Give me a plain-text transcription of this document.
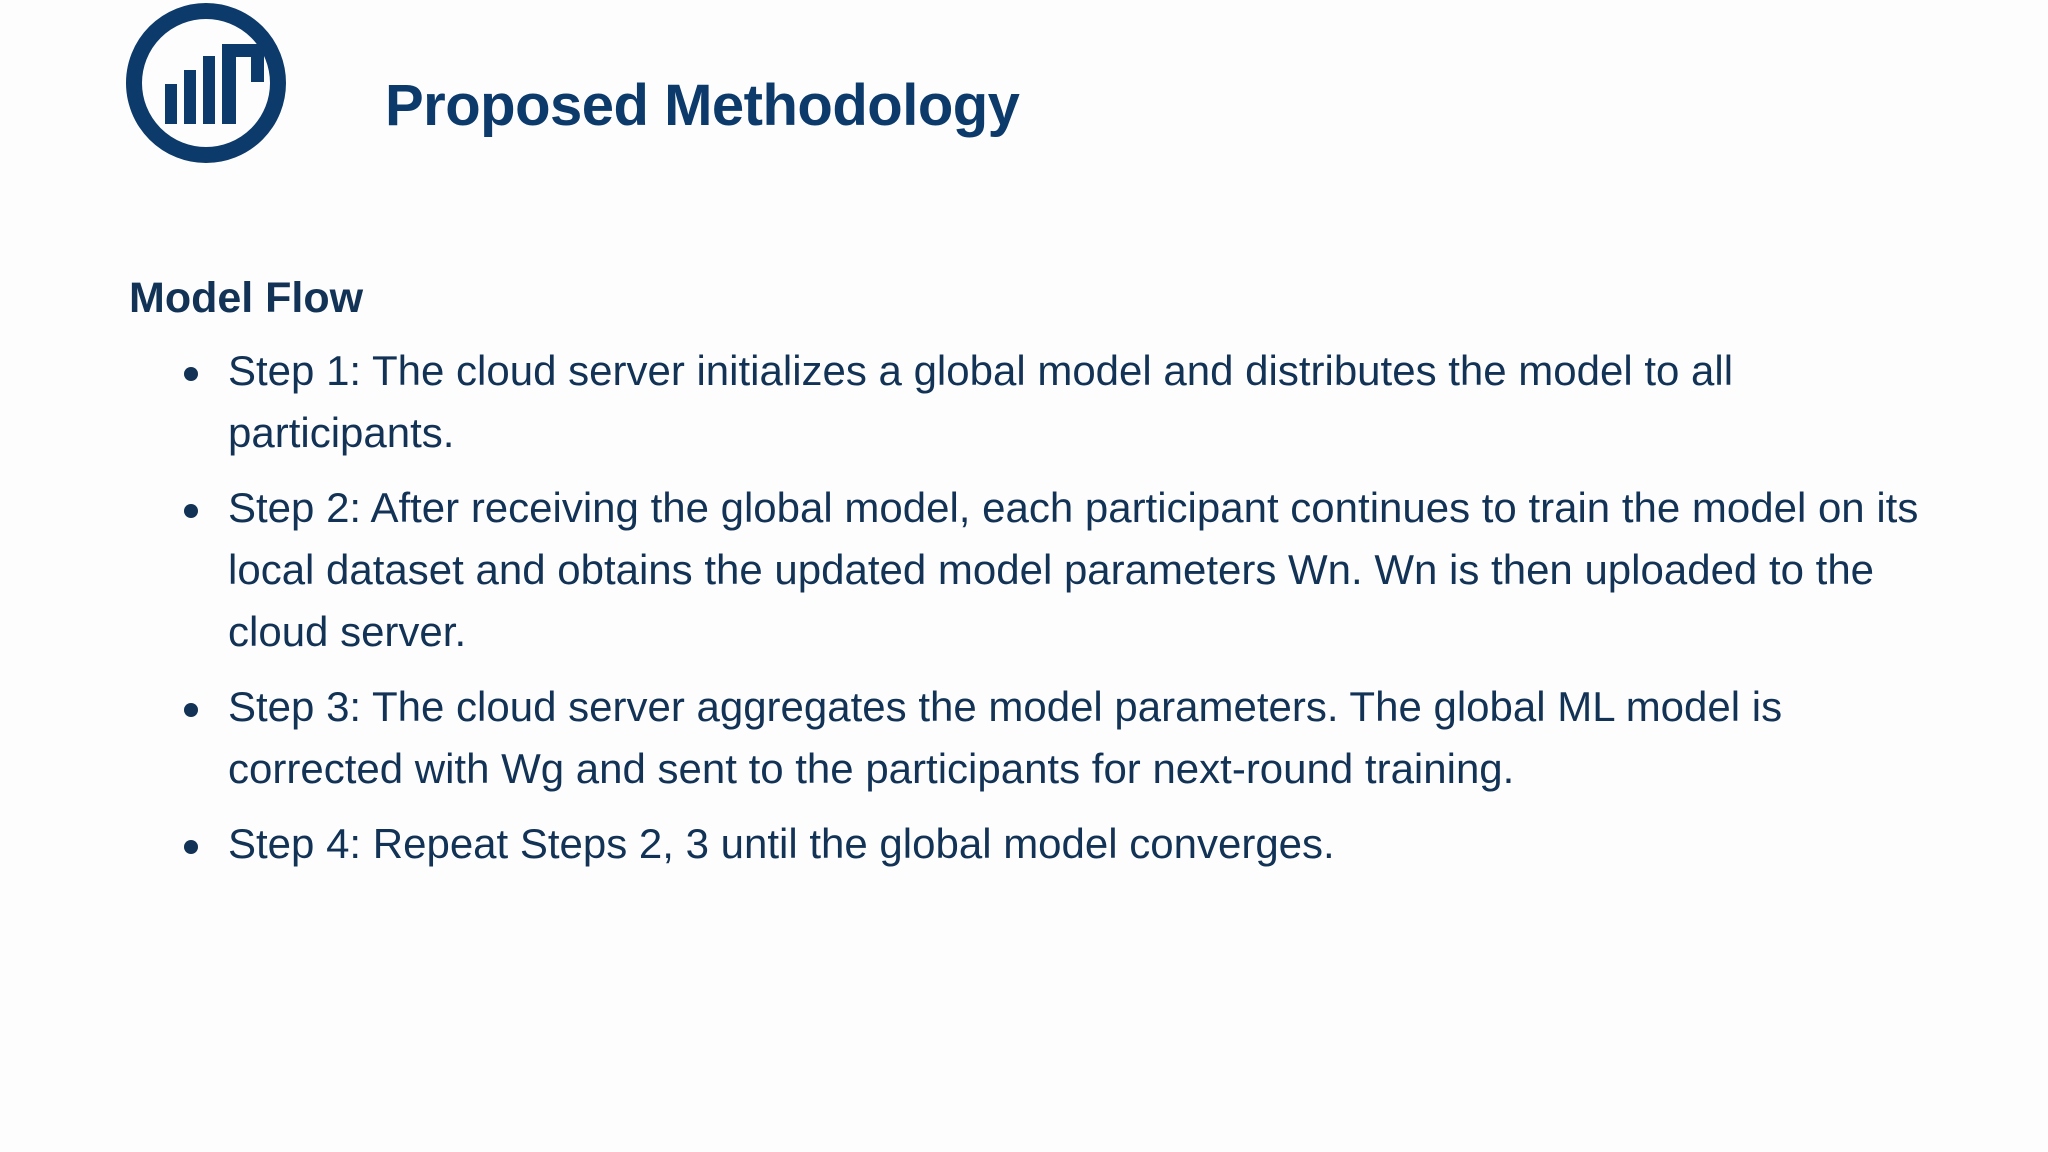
Proposed Methodology
Model Flow
Step 1: The cloud server initializes a global model and distributes the model to all participants.
Step 2: After receiving the global model, each participant continues to train the model on its local dataset and obtains the updated model parameters Wn. Wn is then uploaded to the cloud server.
Step 3: The cloud server aggregates the model parameters. The global ML model is corrected with Wg and sent to the participants for next-round training.
Step 4: Repeat Steps 2, 3 until the global model converges.
